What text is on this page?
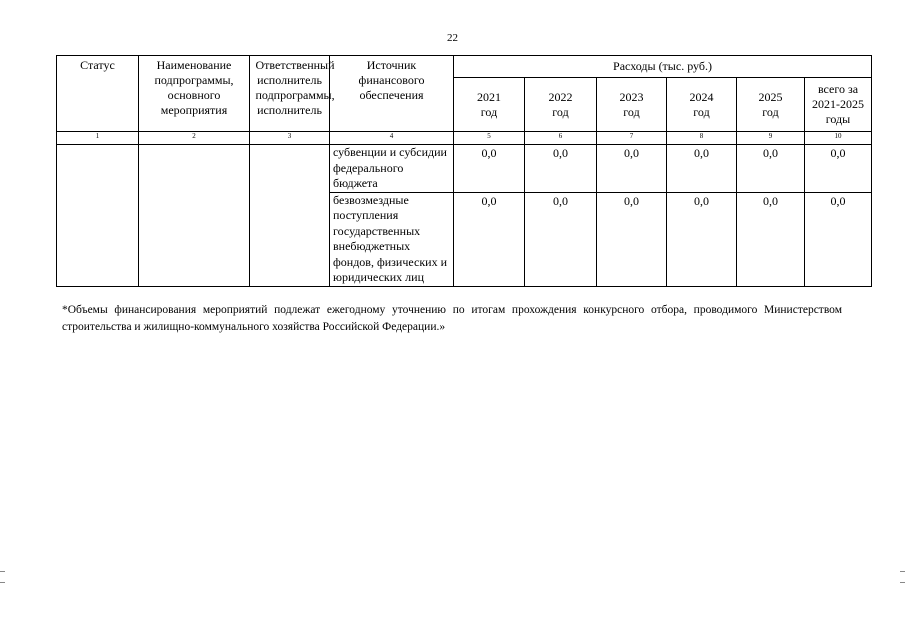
22
Статус	Наименование подпрограммы, основного мероприятия	Ответственный исполнитель подпрограммы, исполнитель	Источник финансового обеспечения	Расходы (тыс. руб.)					

				2021 год	2022 год	2023 год	2024 год	2025 год	всего за 2021-2025 годы

1	2	3	4	5	6	7	8	9	10
			субвенции и субсидии федерального бюджета	0,0	0,0	0,0	0,0	0,0	0,0
			безвозмездные поступления государственных внебюджетных фондов, физических и юридических лиц	0,0	0,0	0,0	0,0	0,0	0,0
*Объемы финансирования мероприятий подлежат ежегодному уточнению по итогам прохождения конкурсного отбора, проводимого Министерством строительства и жилищно-коммунального хозяйства Российской Федерации.»
